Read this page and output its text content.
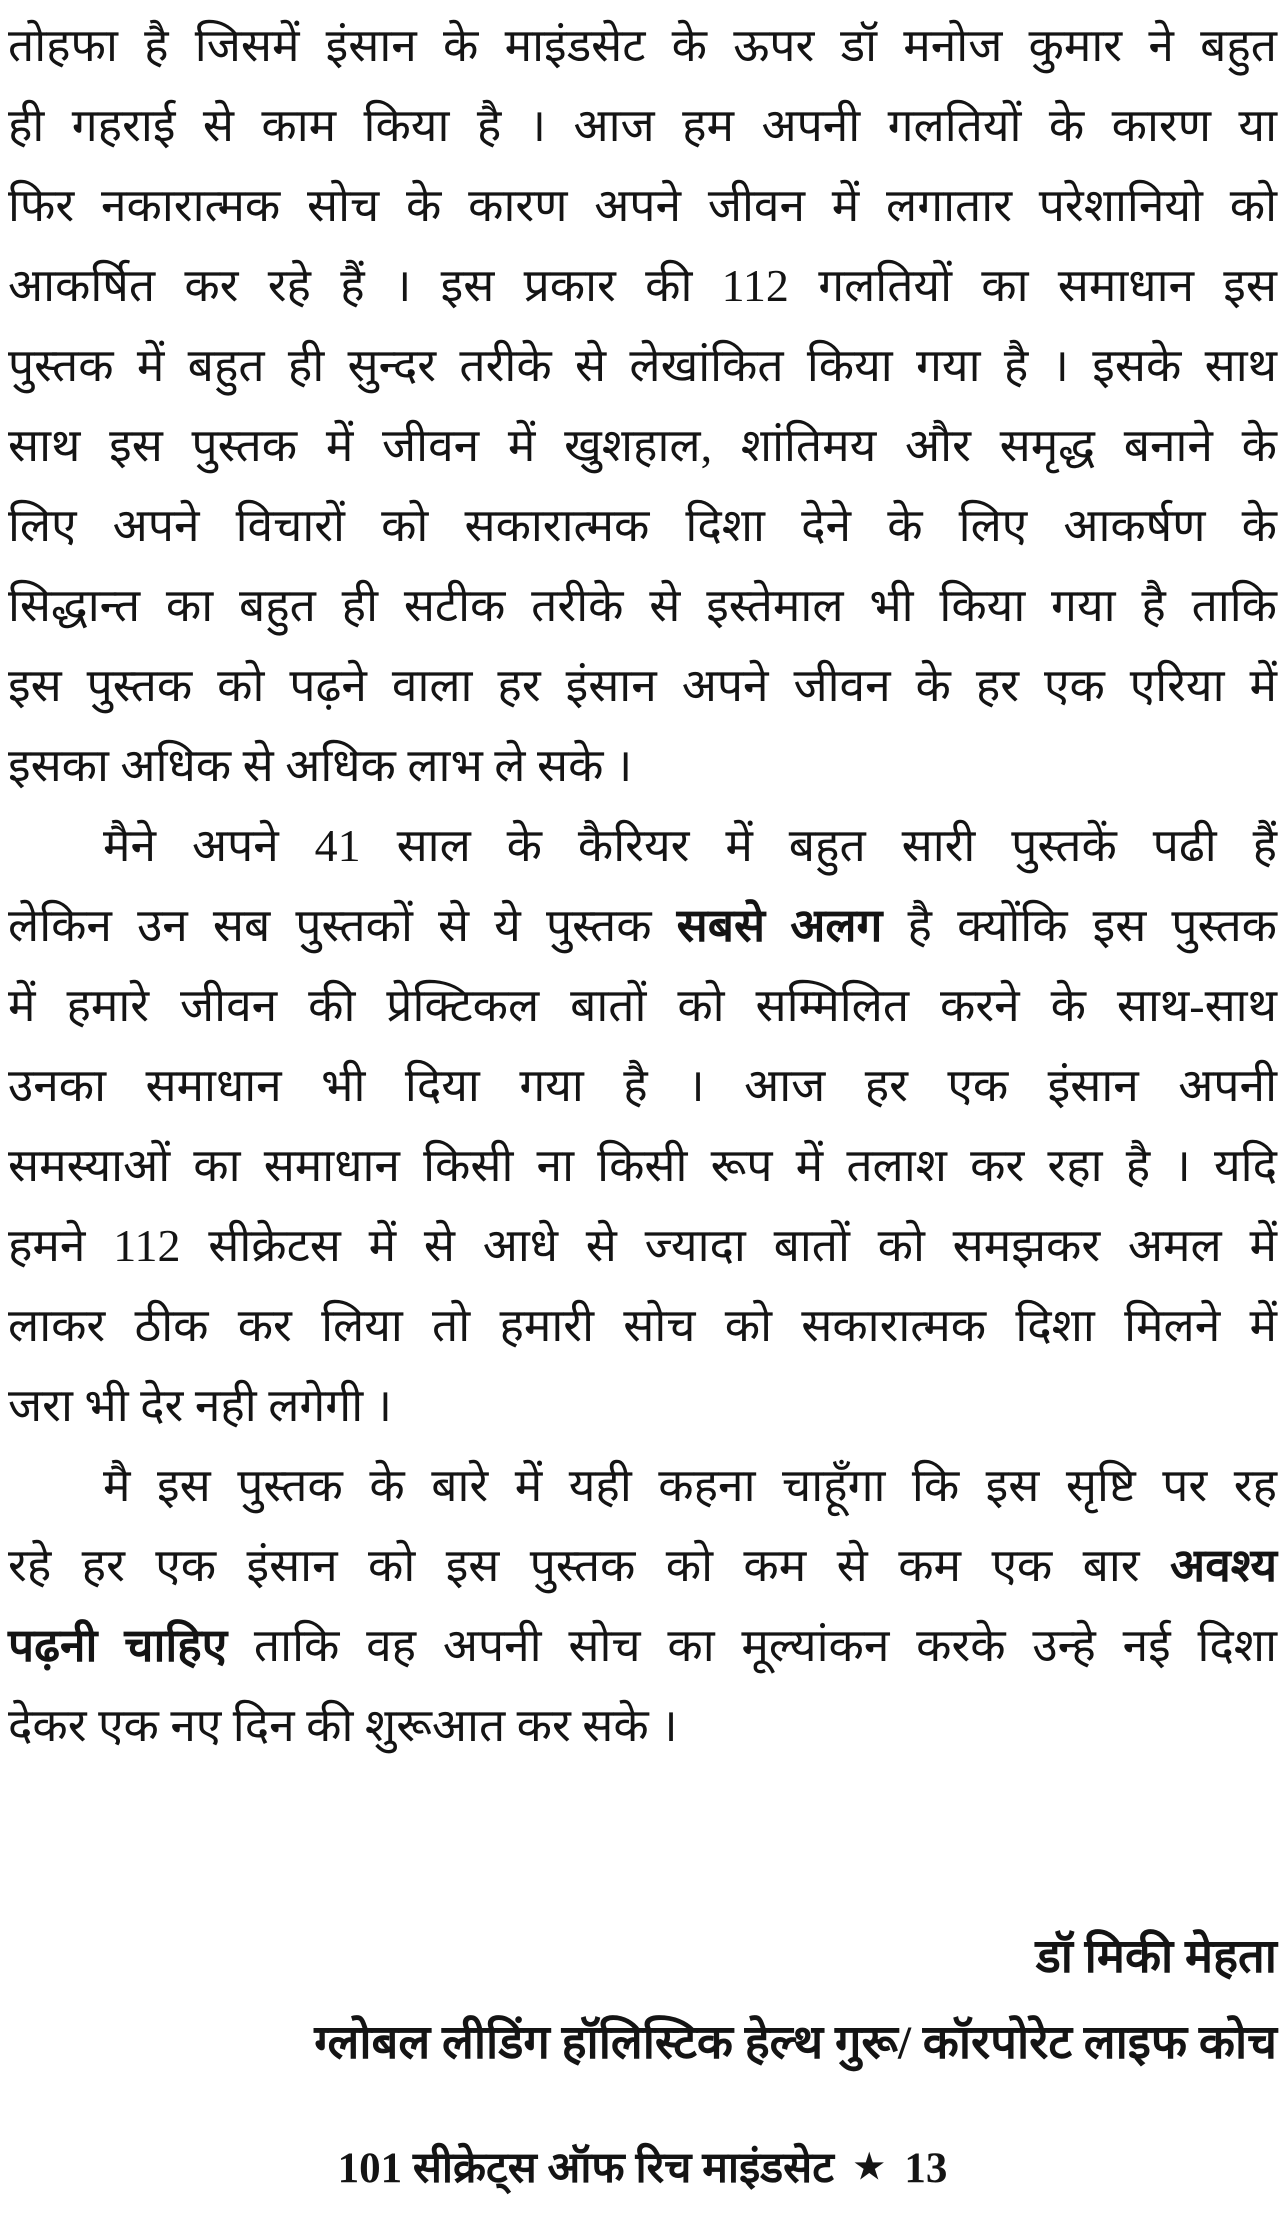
तोहफा है जिसमें इंसान के माइंडसेट के ऊपर डॉ मनोज कुमार ने बहुत
ही गहराई से काम किया है । आज हम अपनी गलतियों के कारण या
फिर नकारात्मक सोच के कारण अपने जीवन में लगातार परेशानियो को
आकर्षित कर रहे हैं । इस प्रकार की 112 गलतियों का समाधान इस
पुस्तक में बहुत ही सुन्दर तरीके से लेखांकित किया गया है । इसके साथ
साथ इस पुस्तक में जीवन में खुशहाल, शांतिमय और समृद्ध बनाने के
लिए अपने विचारों को सकारात्मक दिशा देने के लिए आकर्षण के
सिद्धान्त का बहुत ही सटीक तरीके से इस्तेमाल भी किया गया है ताकि
इस पुस्तक को पढ़ने वाला हर इंसान अपने जीवन के हर एक एरिया में
इसका अधिक से अधिक लाभ ले सके ।
मैने अपने 41 साल के कैरियर में बहुत सारी पुस्तकें पढी हैं
लेकिन उन सब पुस्तकों से ये पुस्तक सबसे अलग है क्योंकि इस पुस्तक
में हमारे जीवन की प्रेक्टिकल बातों को सम्मिलित करने के साथ-साथ
उनका समाधान भी दिया गया है । आज हर एक इंसान अपनी
समस्याओं का समाधान किसी ना किसी रूप में तलाश कर रहा है । यदि
हमने 112 सीक्रेटस में से आधे से ज्यादा बातों को समझकर अमल में
लाकर ठीक कर लिया तो हमारी सोच को सकारात्मक दिशा मिलने में
जरा भी देर नही लगेगी ।
मै इस पुस्तक के बारे में यही कहना चाहूँगा कि इस सृष्टि पर रह
रहे हर एक इंसान को इस पुस्तक को कम से कम एक बार अवश्य
पढ़नी चाहिए ताकि वह अपनी सोच का मूल्यांकन करके उन्हे नई दिशा
देकर एक नए दिन की शुरूआत कर सके ।
डॉ मिकी मेहता
ग्लोबल लीडिंग हॉलिस्टिक हेल्थ गुरू/ कॉरपोरेट लाइफ कोच
101 सीक्रेट्स ऑफ रिच माइंडसेट ★ 13
